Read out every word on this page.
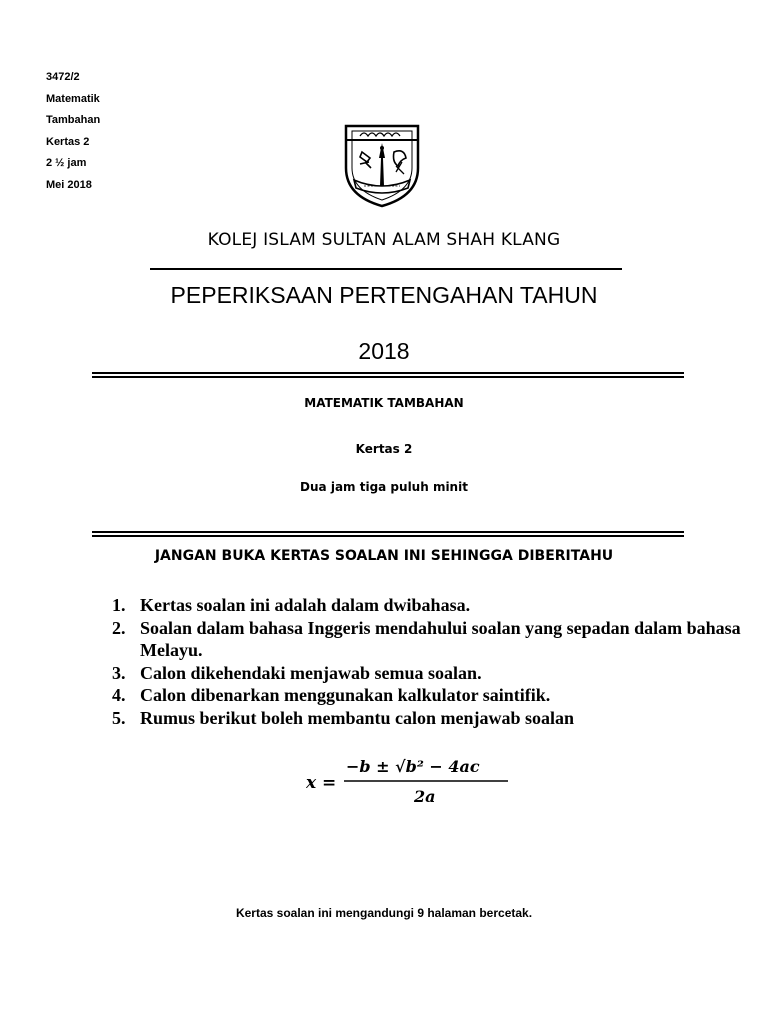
3472/2
Matematik
Tambahan
Kertas 2
2 ½ jam
Mei 2018
KOLEJ ISLAM SULTAN ALAM SHAH KLANG
PEPERIKSAAN PERTENGAHAN TAHUN
2018
MATEMATIK TAMBAHAN
Kertas 2
Dua jam tiga puluh minit
JANGAN BUKA KERTAS SOALAN INI SEHINGGA DIBERITAHU
1. Kertas soalan ini adalah dalam dwibahasa.
2. Soalan dalam bahasa Inggeris mendahului soalan yang sepadan dalam bahasa Melayu.
3. Calon dikehendaki menjawab semua soalan.
4. Calon dibenarkan menggunakan kalkulator saintifik.
5. Rumus berikut boleh membantu calon menjawab soalan
x =
−b ± √b² − 4ac
2a
Kertas soalan ini mengandungi 9 halaman bercetak.
